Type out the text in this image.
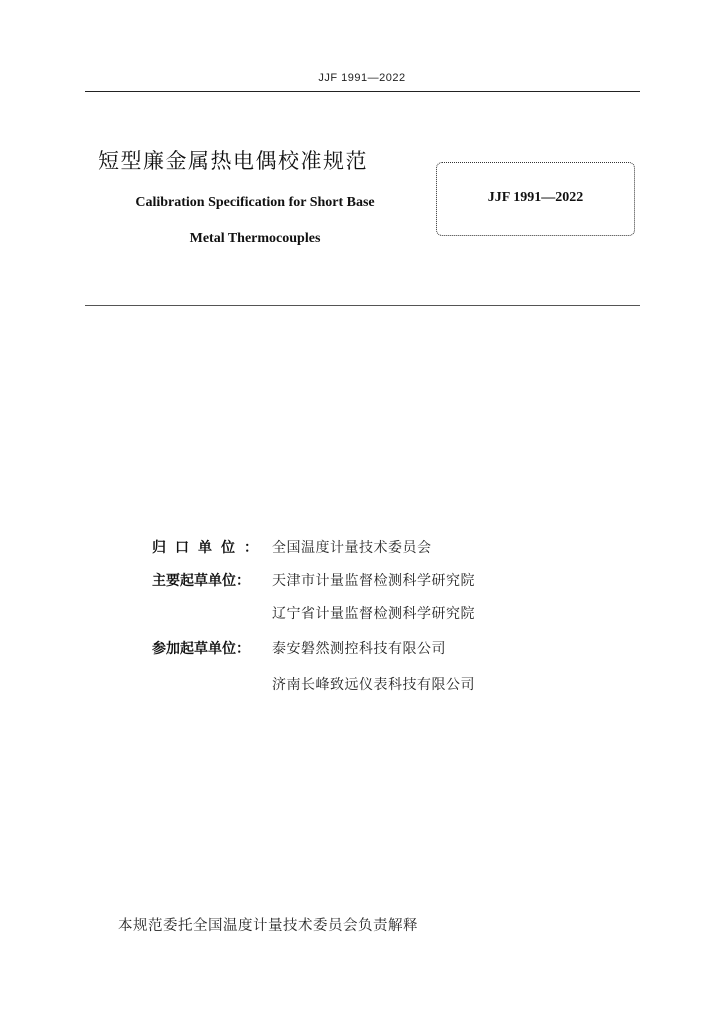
JJF 1991—2022
短型廉金属热电偶校准规范
Calibration Specification for Short Base
Metal Thermocouples
JJF 1991—2022
归口单位： 全国温度计量技术委员会
主要起草单位：	天津市计量监督检测科学研究院
辽宁省计量监督检测科学研究院
参加起草单位：	泰安磐然测控科技有限公司
济南长峰致远仪表科技有限公司
本规范委托全国温度计量技术委员会负责解释
